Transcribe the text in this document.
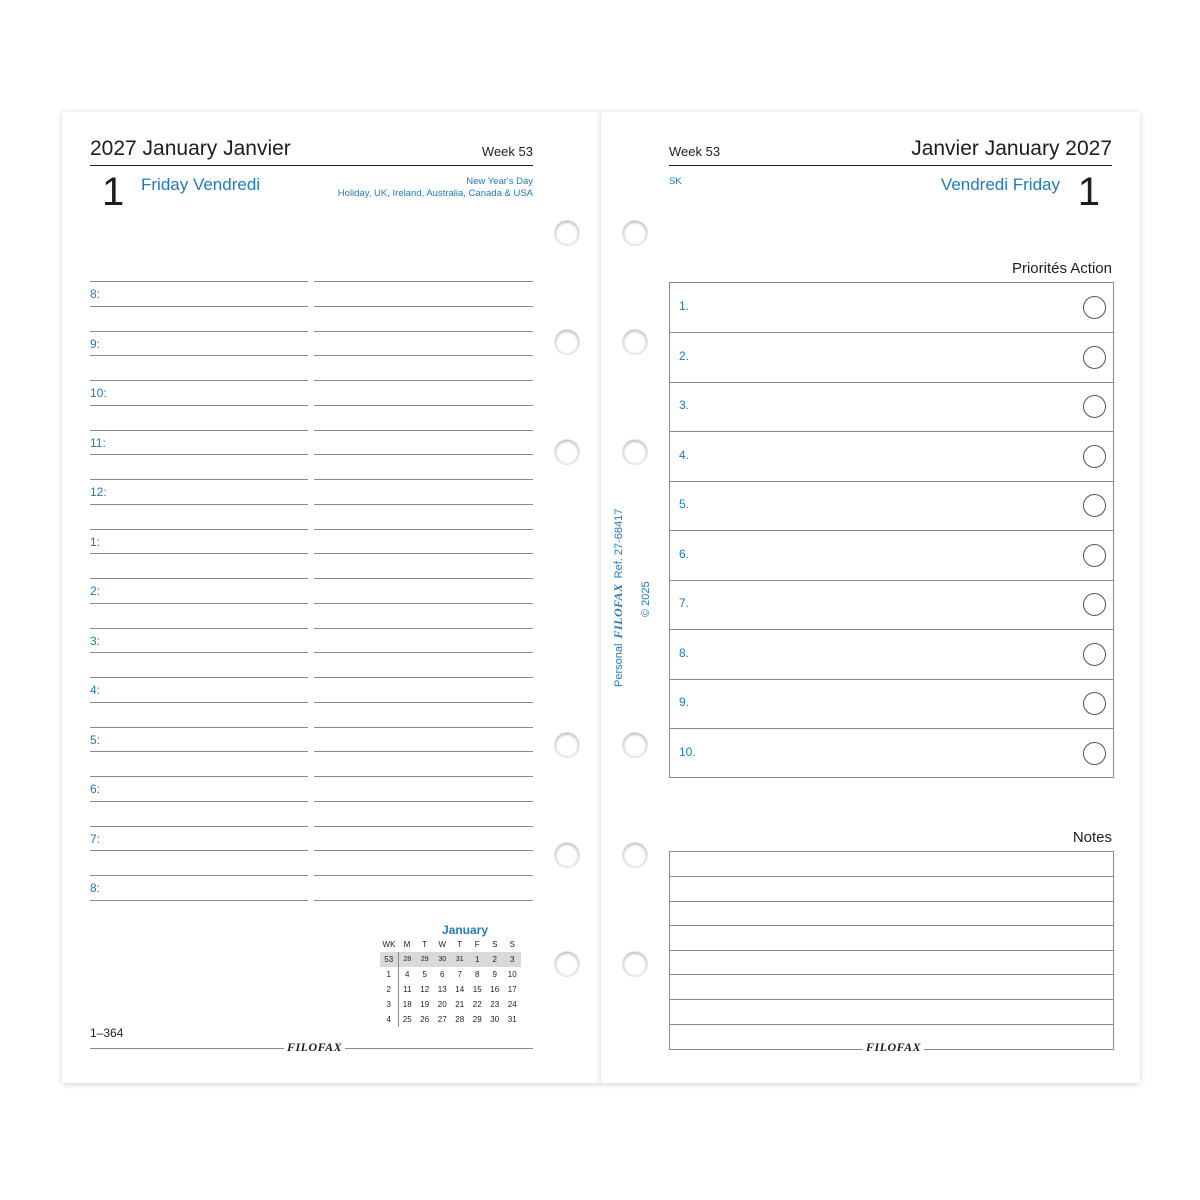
2027 January Janvier	Week 53
1 Friday Vendredi	New Year's Day
Holiday, UK, Ireland, Australia, Canada & USA
January
WK	M	T	W	T	F	S	S
53	28	29	30	31	1	2	3
1	4	5	6	7	8	9	10
2	11	12	13	14	15	16	17
3	18	19	20	21	22	23	24
4	25	26	27	28	29	30	31
1–364
FILOFAX
8:
9:
10:
11:
12:
1:
2:
3:
4:
5:
6:
7:
8:
Week 53	Janvier January 2027
SK	Vendredi Friday 1
Priorités Action
1.
2.
3.
4.
5.
6.
7.
8.
9.
10.
Notes
FILOFAX
Personal FILOFAX Ref. 27-68417
© 2025
